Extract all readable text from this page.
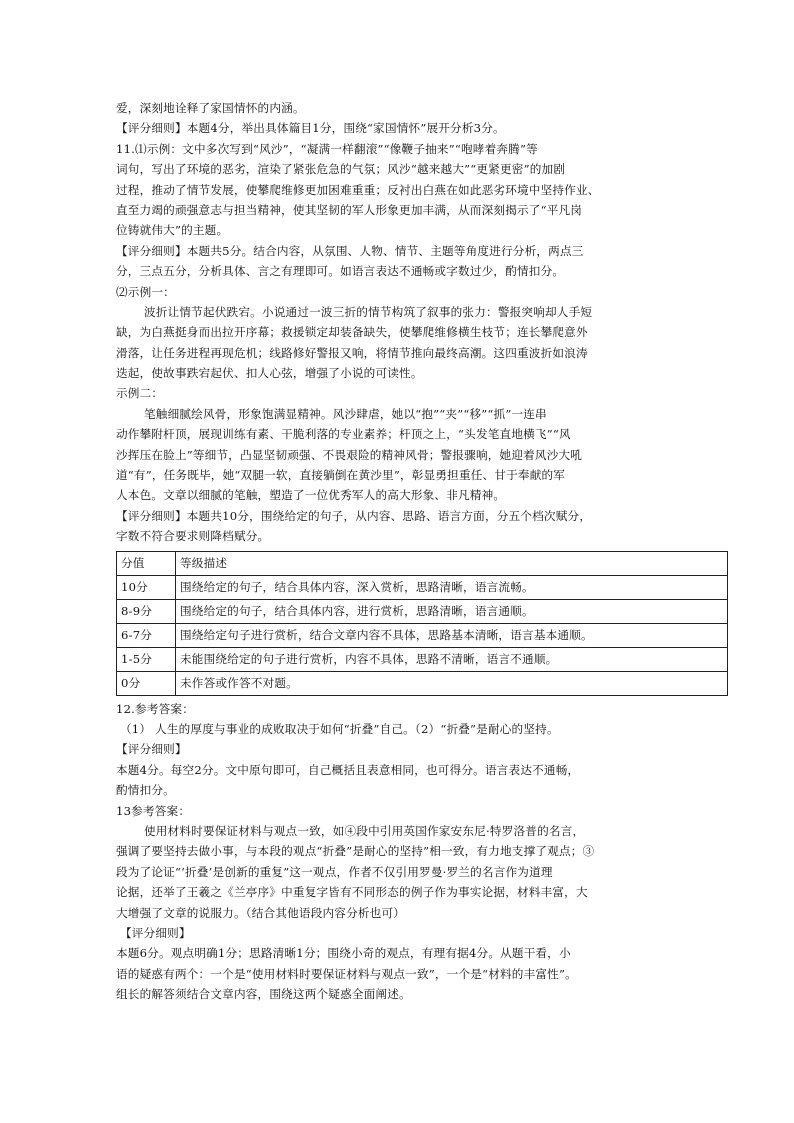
爱，深刻地诠释了家国情怀的内涵。
【评分细则】本题4分，举出具体篇目1分，围绕“家国情怀”展开分析3分。
11.⑴示例：文中多次写到“风沙”，“凝满一样翻滚”“像鞭子抽来”“咆哮着奔腾”等
词句，写出了环境的恶劣，渲染了紧张危急的气氛；风沙“越来越大”“更紧更密”的加剧
过程，推动了情节发展，使攀爬维修更加困难重重；反衬出白燕在如此恶劣环境中坚持作业、
直至力竭的顽强意志与担当精神，使其坚韧的军人形象更加丰满，从而深刻揭示了“平凡岗
位铸就伟大”的主题。
【评分细则】本题共5分。结合内容，从氛围、人物、情节、主题等角度进行分析，两点三
分，三点五分，分析具体、言之有理即可。如语言表达不通畅或字数过少，酌情扣分。
⑵示例一：
波折让情节起伏跌宕。小说通过一波三折的情节构筑了叙事的张力：警报突响却人手短
缺，为白燕挺身而出拉开序幕；救援锁定却装备缺失，使攀爬维修横生枝节；连长攀爬意外
滑落，让任务进程再现危机；线路修好警报又响，将情节推向最终高潮。这四重波折如浪涛
迭起，使故事跌宕起伏、扣人心弦，增强了小说的可读性。
示例二：
笔触细腻绘风骨，形象饱满显精神。风沙肆虐，她以“抱”“夹”“移”“抓”一连串
动作攀附杆顶，展现训练有素、干脆利落的专业素养；杆顶之上，“头发笔直地横飞”“风
沙挥压在脸上”等细节，凸显坚韧顽强、不畏艰险的精神风骨；警报骤响，她迎着风沙大吼
道“有”，任务既毕，她“双腿一软，直接躺倒在黄沙里”，彰显勇担重任、甘于奉献的军
人本色。文章以细腻的笔触，塑造了一位优秀军人的高大形象、非凡精神。
【评分细则】本题共10分，围绕给定的句子，从内容、思路、语言方面，分五个档次赋分，
字数不符合要求则降档赋分。
分值	等级描述
10分	围绕给定的句子，结合具体内容，深入赏析，思路清晰，语言流畅。
8-9分	围绕给定的句子，结合具体内容，进行赏析，思路清晰，语言通顺。
6-7分	围绕给定句子进行赏析，结合文章内容不具体，思路基本清晰，语言基本通顺。
1-5分	未能围绕给定的句子进行赏析，内容不具体，思路不清晰，语言不通顺。
0分	未作答或作答不对题。
12.参考答案：
（1） 人生的厚度与事业的成败取决于如何“折叠”自己。（2）“折叠”是耐心的坚持。
【评分细则】
本题4分。每空2分。文中原句即可，自己概括且表意相同，也可得分。语言表达不通畅，
酌情扣分。
13参考答案：
使用材料时要保证材料与观点一致，如④段中引用英国作家安东尼·特罗洛普的名言，
强调了要坚持去做小事，与本段的观点“折叠”是耐心的坚持”相一致，有力地支撑了观点；③
段为了论证“‘折叠’是创新的重复”这一观点，作者不仅引用罗曼·罗兰的名言作为道理
论据，还举了王羲之《兰亭序》中重复字皆有不同形态的例子作为事实论据，材料丰富，大
大增强了文章的说服力。（结合其他语段内容分析也可）
【评分细则】
本题6分。观点明确1分；思路清晰1分；围绕小奇的观点，有理有据4分。从题干看，小
语的疑惑有两个：一个是“使用材料时要保证材料与观点一致”，一个是“材料的丰富性”。
组长的解答须结合文章内容，围绕这两个疑惑全面阐述。
